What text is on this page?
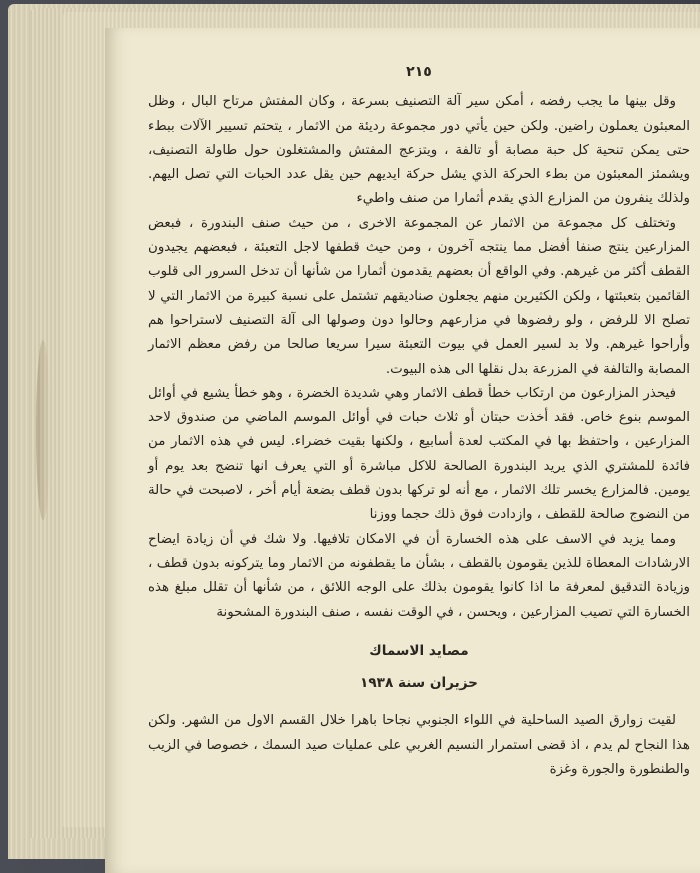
٢١٥

وقل بينها ما يجب رفضه ، أمكن سير آلة التصنيف بسرعة ، وكان المفتش مرتاح البال ، وظل المعبئون يعملون راضين. ولكن حين يأتي دور مجموعة رديئة من الاثمار ، يتحتم تسيير الآلات ببطء حتى يمكن تنحية كل حبة مصابة أو تالفة ، ويتزعج المفتش والمشتغلون حول طاولة التصنيف، ويشمئز المعبئون من بطء الحركة الذي يشل حركة ايديهم حين يقل عدد الحبات التي تصل اليهم. ولذلك ينفرون من المزارع الذي يقدم أثمارا من صنف واطيء

وتختلف كل مجموعة من الاثمار عن المجموعة الاخرى ، من حيث صنف البندورة ، فبعض المزارعين ينتج صنفا أفضل مما ينتجه آخرون ، ومن حيث قطفها لاجل التعبئة ، فبعضهم يجيدون القطف أكثر من غيرهم. وفي الواقع أن بعضهم يقدمون أثمارا من شأنها أن تدخل السرور الى قلوب القائمين بتعبئتها ، ولكن الكثيرين منهم يجعلون صناديقهم تشتمل على نسبة كبيرة من الاثمار التي لا تصلح الا للرفض ، ولو رفضوها في مزارعهم وحالوا دون وصولها الى آلة التصنيف لاستراحوا هم وأراحوا غيرهم. ولا بد لسير العمل في بيوت التعبئة سيرا سريعا صالحا من رفض معظم الاثمار المصابة والتالفة في المزرعة بدل نقلها الى هذه البيوت.

فيحذر المزارعون من ارتكاب خطأ قطف الاثمار وهي شديدة الخضرة ، وهو خطأ يشيع في أوائل الموسم بنوع خاص. فقد أخذت حبتان أو ثلاث حبات في أوائل الموسم الماضي من صندوق لاحد المزارعين ، واحتفظ بها في المكتب لعدة أسابيع ، ولكنها بقيت خضراء. ليس في هذه الاثمار من فائدة للمشتري الذي يريد البندورة الصالحة للاكل مباشرة أو التي يعرف انها تنضج بعد يوم أو يومين. فالمزارع يخسر تلك الاثمار ، مع أنه لو تركها بدون قطف بضعة أيام أخر ، لاصبحت في حالة من النضوج صالحة للقطف ، وازدادت فوق ذلك حجما ووزنا

ومما يزيد في الاسف على هذه الخسارة أن في الامكان تلافيها. ولا شك في أن زيادة ايضاح الارشادات المعطاة للذين يقومون بالقطف ، بشأن ما يقطفونه من الاثمار وما يتركونه بدون قطف ، وزيادة التدقيق لمعرفة ما اذا كانوا يقومون بذلك على الوجه اللائق ، من شأنها أن تقلل مبلغ هذه الخسارة التي تصيب المزارعين ، ويحسن ، في الوقت نفسه ، صنف البندورة المشحونة

مصايد الاسماك
حزيران سنة ١٩٣٨

لقيت زوارق الصيد الساحلية في اللواء الجنوبي نجاحا باهرا خلال القسم الاول من الشهر. ولكن هذا النجاح لم يدم ، اذ قضى استمرار النسيم الغربي على عمليات صيد السمك ، خصوصا في الزيب والطنطورة والجورة وغزة
